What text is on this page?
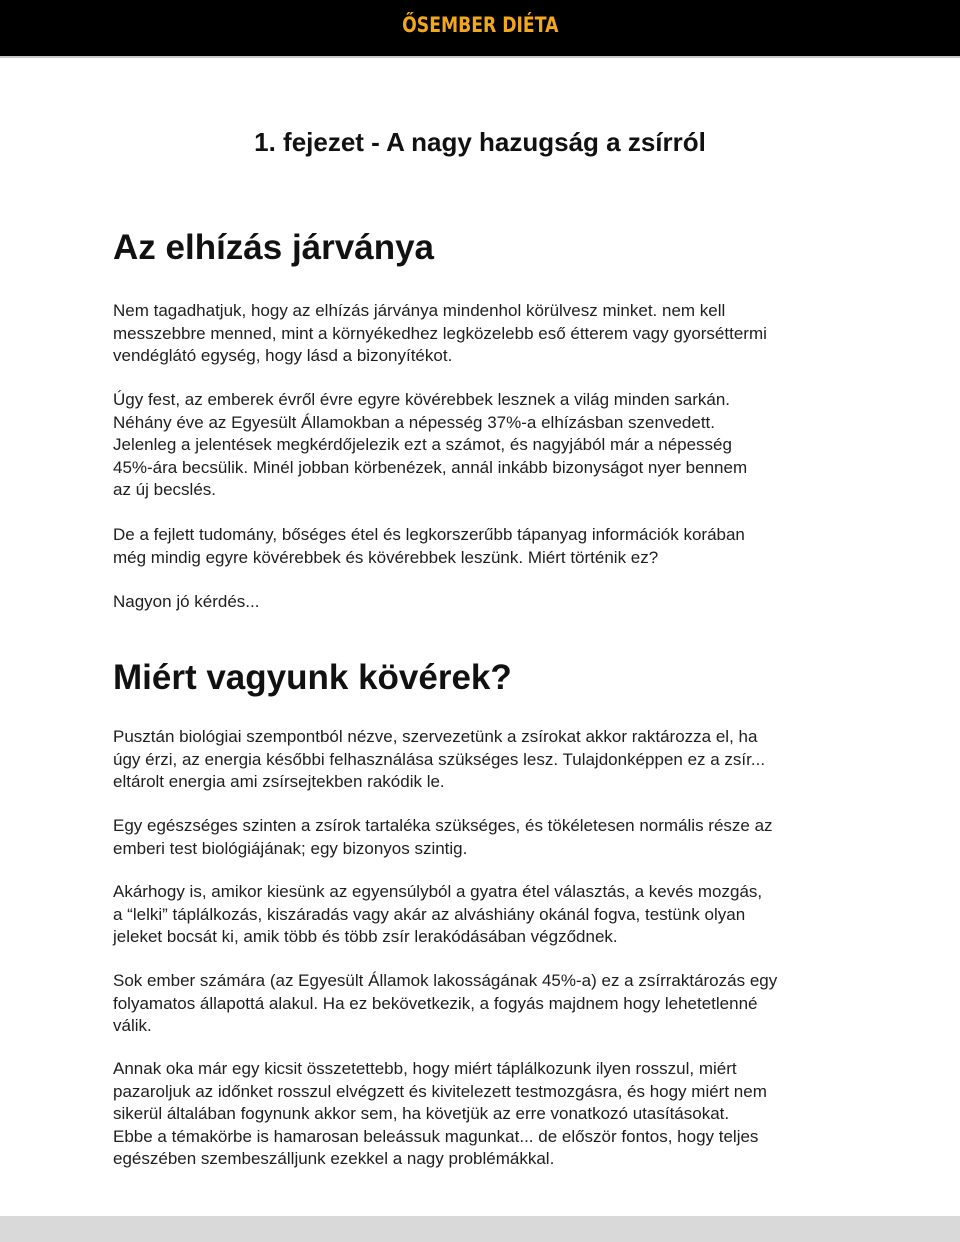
ŐSEMBER DIÉTA
1. fejezet - A nagy hazugság a zsírról
Az elhízás járványa

Nem tagadhatjuk, hogy az elhízás járványa mindenhol körülvesz minket. nem kell
messzebbre menned, mint a környékedhez legközelebb eső étterem vagy gyorséttermi
vendéglátó egység, hogy lásd a bizonyítékot.

Úgy fest, az emberek évről évre egyre kövérebbek lesznek a világ minden sarkán.
Néhány éve az Egyesült Államokban a népesség 37%-a elhízásban szenvedett.
Jelenleg a jelentések megkérdőjelezik ezt a számot, és nagyjából már a népesség
45%-ára becsülik. Minél jobban körbenézek, annál inkább bizonyságot nyer bennem
az új becslés.

De a fejlett tudomány, bőséges étel és legkorszerűbb tápanyag információk korában
még mindig egyre kövérebbek és kövérebbek leszünk. Miért történik ez?

Nagyon jó kérdés...

Miért vagyunk kövérek?

Pusztán biológiai szempontból nézve, szervezetünk a zsírokat akkor raktározza el, ha
úgy érzi, az energia későbbi felhasználása szükséges lesz. Tulajdonképpen ez a zsír...
eltárolt energia ami zsírsejtekben rakódik le.

Egy egészséges szinten a zsírok tartaléka szükséges, és tökéletesen normális része az
emberi test biológiájának; egy bizonyos szintig.

Akárhogy is, amikor kiesünk az egyensúlyból a gyatra étel választás, a kevés mozgás,
a “lelki” táplálkozás, kiszáradás vagy akár az alváshiány okánál fogva, testünk olyan
jeleket bocsát ki, amik több és több zsír lerakódásában végződnek.

Sok ember számára (az Egyesült Államok lakosságának 45%-a) ez a zsírraktározás egy
folyamatos állapottá alakul. Ha ez bekövetkezik, a fogyás majdnem hogy lehetetlenné
válik.

Annak oka már egy kicsit összetettebb, hogy miért táplálkozunk ilyen rosszul, miért
pazaroljuk az időnket rosszul elvégzett és kivitelezett testmozgásra, és hogy miért nem
sikerül általában fogynunk akkor sem, ha követjük az erre vonatkozó utasításokat.
Ebbe a témakörbe is hamarosan beleássuk magunkat... de először fontos, hogy teljes
egészében szembeszálljunk ezekkel a nagy problémákkal.
